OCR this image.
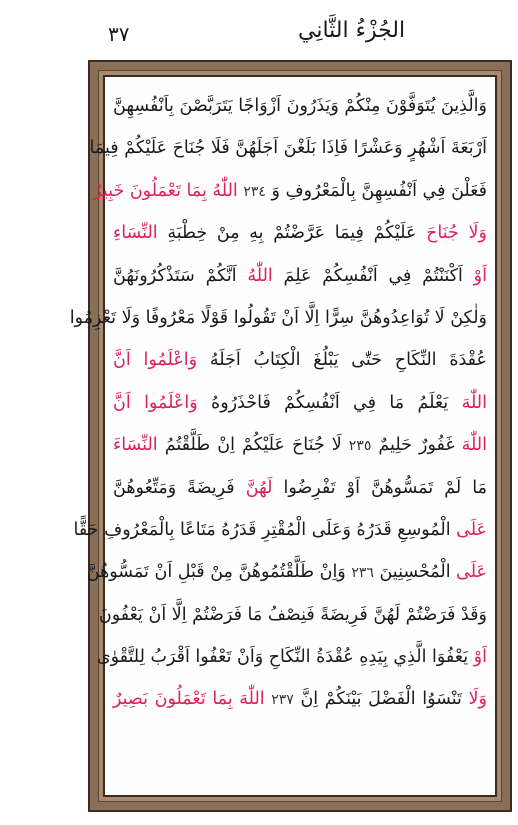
٣٧	الجُزْءُ الثَّانِي
وَالَّذِينَ يُتَوَفَّوْنَ مِنْكُمْ وَيَذَرُونَ اَزْوَاجًا يَتَرَبَّصْنَ بِاَنْفُسِهِنَّ
اَرْبَعَةَ اَشْهُرٍ وَعَشْرًا فَاِذَا بَلَغْنَ اَجَلَهُنَّ فَلَا جُنَاحَ عَلَيْكُمْ فِيمَا
فَعَلْنَ فِي اَنْفُسِهِنَّ بِالْمَعْرُوفِ وَ ٢٣٤ اللّٰهُ بِمَا تَعْمَلُونَ خَبِيرٌ
وَلَا جُنَاحَ عَلَيْكُمْ فِيمَا عَرَّضْتُمْ بِهِ مِنْ خِطْبَةِ النِّسَاءِ
اَوْ اَكْنَنْتُمْ فِي اَنْفُسِكُمْ عَلِمَ اللّٰهُ اَنَّكُمْ سَتَذْكُرُونَهُنَّ
وَلٰكِنْ لَا تُوَاعِدُوهُنَّ سِرًّا اِلَّا اَنْ تَقُولُوا قَوْلًا مَعْرُوفًا وَلَا تَعْزِمُوا
عُقْدَةَ النِّكَاحِ حَتّٰى يَبْلُغَ الْكِتَابُ اَجَلَهُ وَاعْلَمُوا اَنَّ
اللّٰهَ يَعْلَمُ مَا فِي اَنْفُسِكُمْ فَاحْذَرُوهُ وَاعْلَمُوا اَنَّ
اللّٰهَ غَفُورٌ حَلِيمٌ ٢٣٥ لَا جُنَاحَ عَلَيْكُمْ اِنْ طَلَّقْتُمُ النِّسَاءَ
مَا لَمْ تَمَسُّوهُنَّ اَوْ تَفْرِضُوا لَهُنَّ فَرِيضَةً وَمَتِّعُوهُنَّ
عَلَى الْمُوسِعِ قَدَرُهُ وَعَلَى الْمُقْتِرِ قَدَرُهُ مَتَاعًا بِالْمَعْرُوفِ حَقًّا
عَلَى الْمُحْسِنِينَ ٢٣٦ وَاِنْ طَلَّقْتُمُوهُنَّ مِنْ قَبْلِ اَنْ تَمَسُّوهُنَّ
وَقَدْ فَرَضْتُمْ لَهُنَّ فَرِيضَةً فَنِصْفُ مَا فَرَضْتُمْ اِلَّا اَنْ يَعْفُونَ
اَوْ يَعْفُوَا الَّذِي بِيَدِهِ عُقْدَةُ النِّكَاحِ وَاَنْ تَعْفُوا اَقْرَبُ لِلتَّقْوٰى
وَلَا تَنْسَوُا الْفَضْلَ بَيْنَكُمْ اِنَّ ٢٣٧ اللّٰهَ بِمَا تَعْمَلُونَ بَصِيرٌ
